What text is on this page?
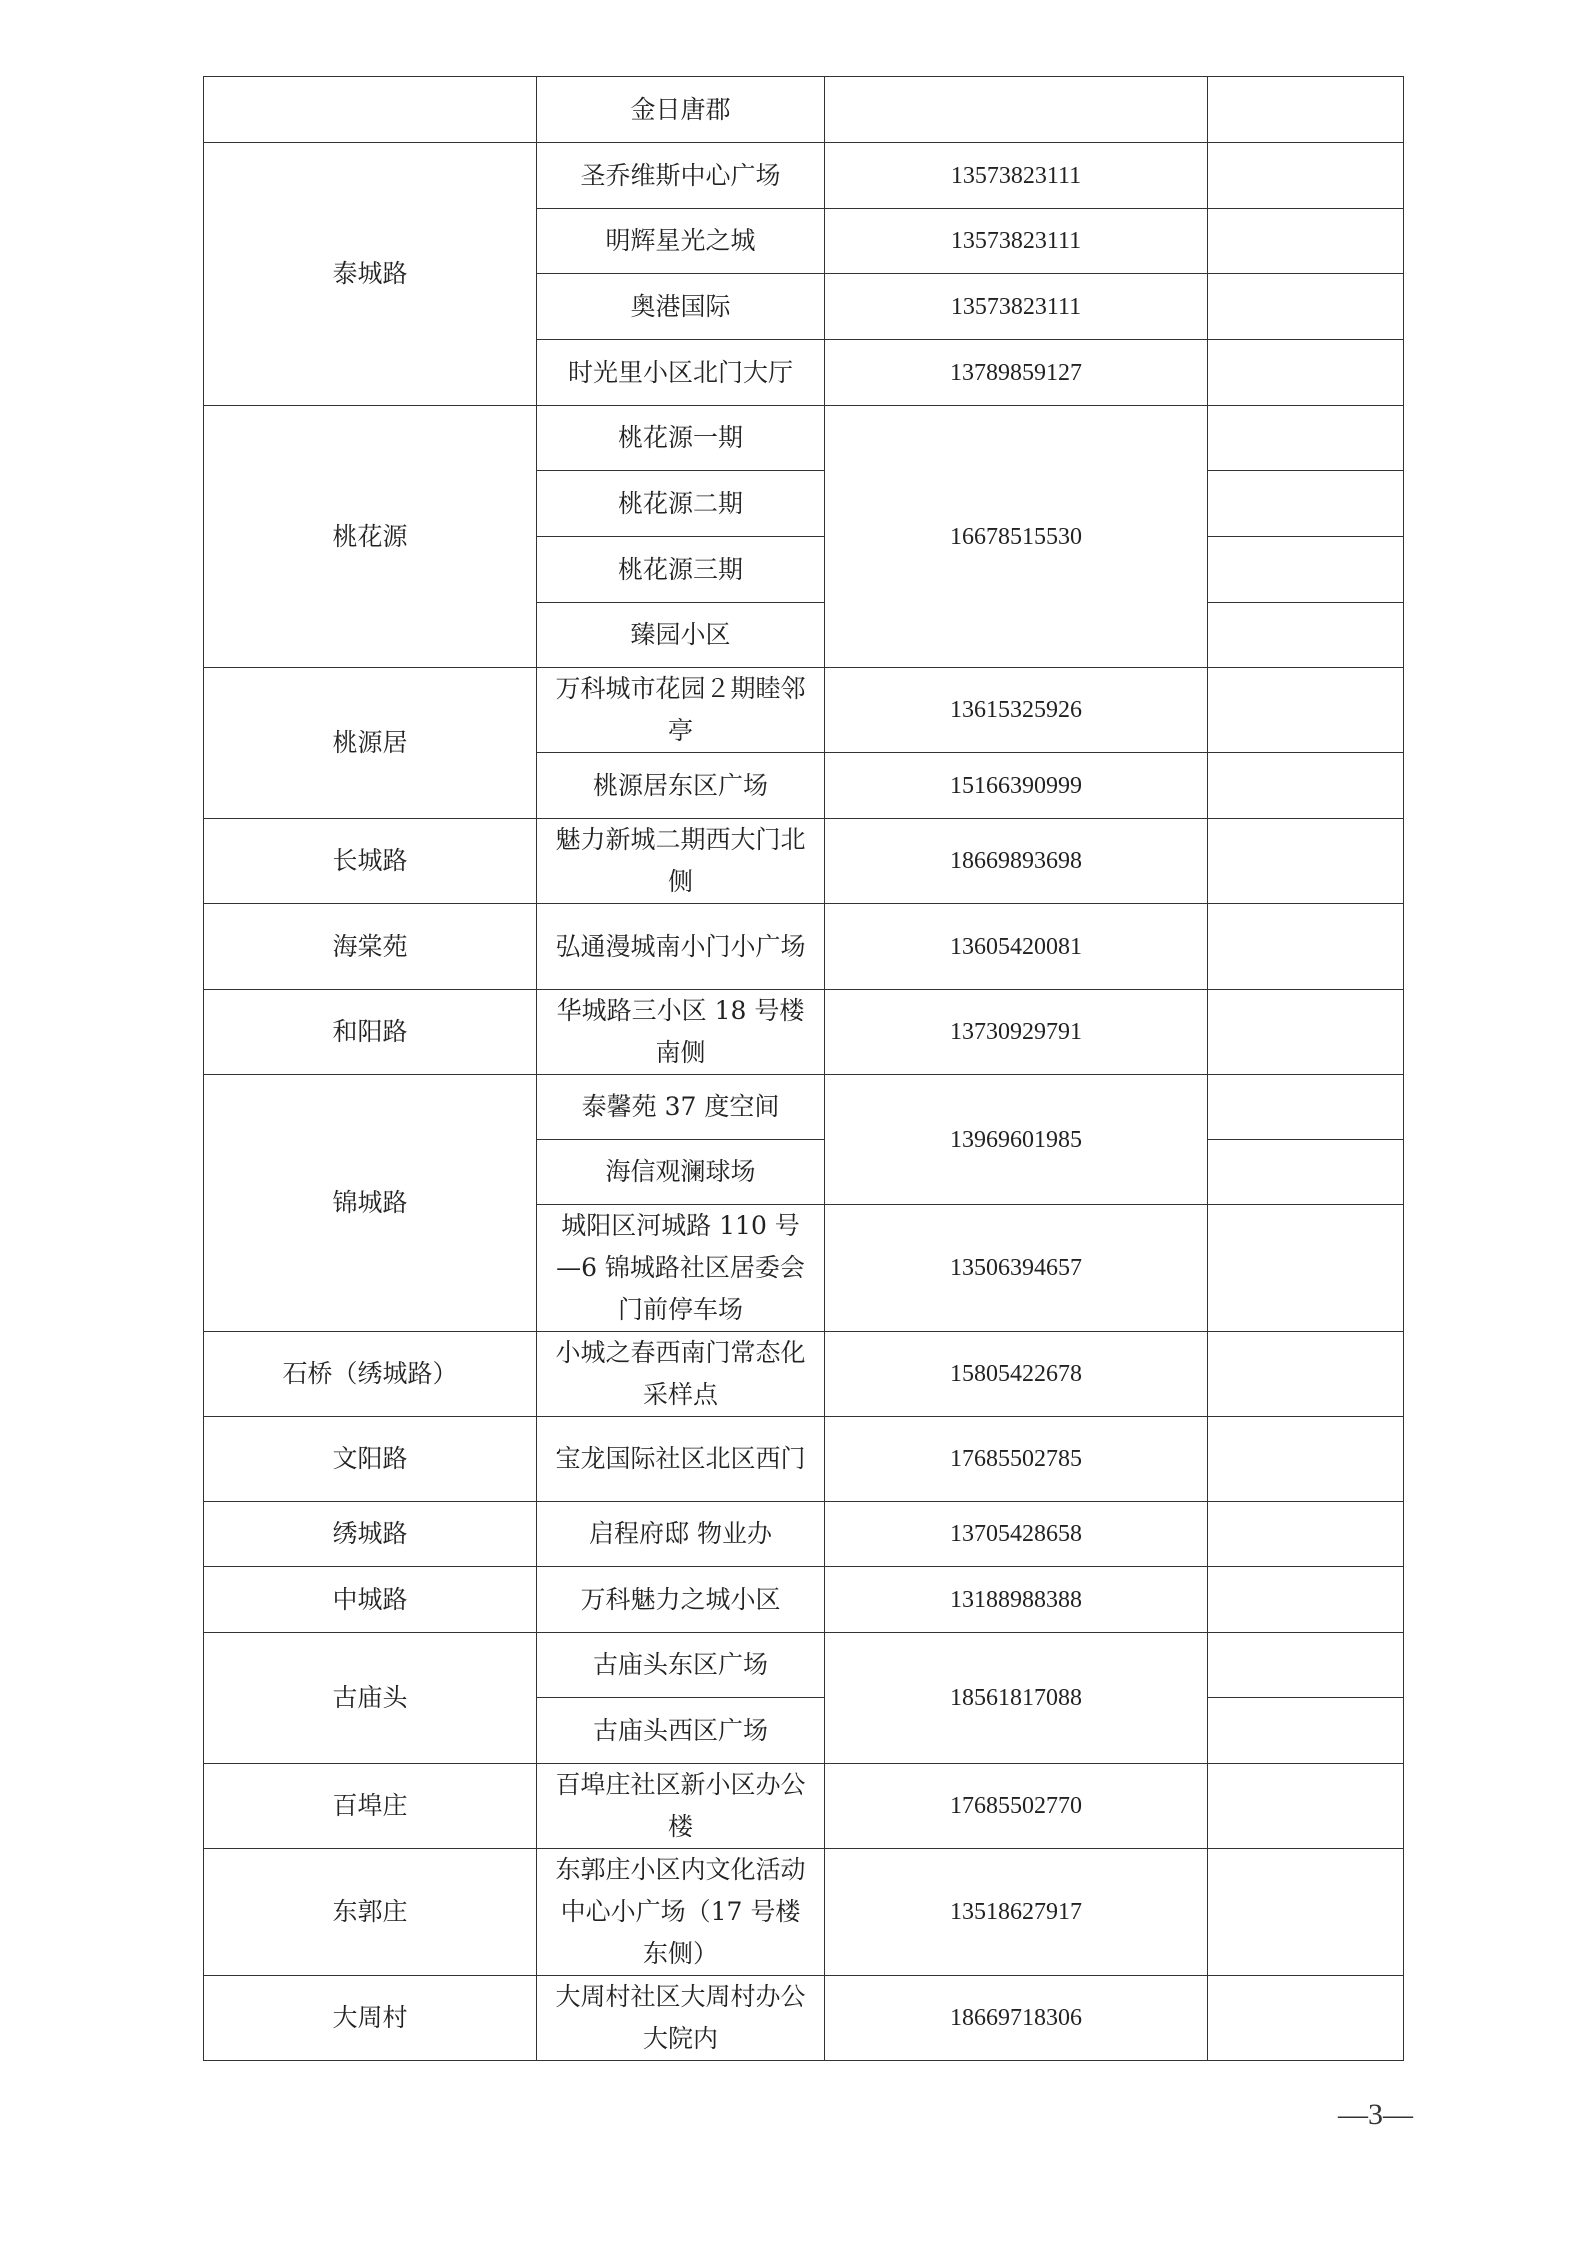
	金日唐郡		
泰城路	圣乔维斯中心广场	13573823111	
	明辉星光之城	13573823111	
	奥港国际	13573823111	
	时光里小区北门大厅	13789859127	
桃花源	桃花源一期	16678515530	
	桃花源二期		
	桃花源三期		
	臻园小区		
桃源居	万科城市花园２期睦邻亭	13615325926	
	桃源居东区广场	15166390999	
长城路	魅力新城二期西大门北侧	18669893698	
海棠苑	弘通漫城南小门小广场	13605420081	
和阳路	华城路三小区 18 号楼南侧	13730929791	
锦城路	泰馨苑 37 度空间	13969601985	
	海信观澜球场		
	城阳区河城路 110 号—6 锦城路社区居委会门前停车场	13506394657	
石桥（绣城路）	小城之春西南门常态化采样点	15805422678	
文阳路	宝龙国际社区北区西门	17685502785	
绣城路	启程府邸 物业办	13705428658	
中城路	万科魅力之城小区	13188988388	
古庙头	古庙头东区广场	18561817088	
	古庙头西区广场		
百埠庄	百埠庄社区新小区办公楼	17685502770	
东郭庄	东郭庄小区内文化活动中心小广场（17 号楼东侧）	13518627917	
大周村	大周村社区大周村办公大院内	18669718306	
—3—
